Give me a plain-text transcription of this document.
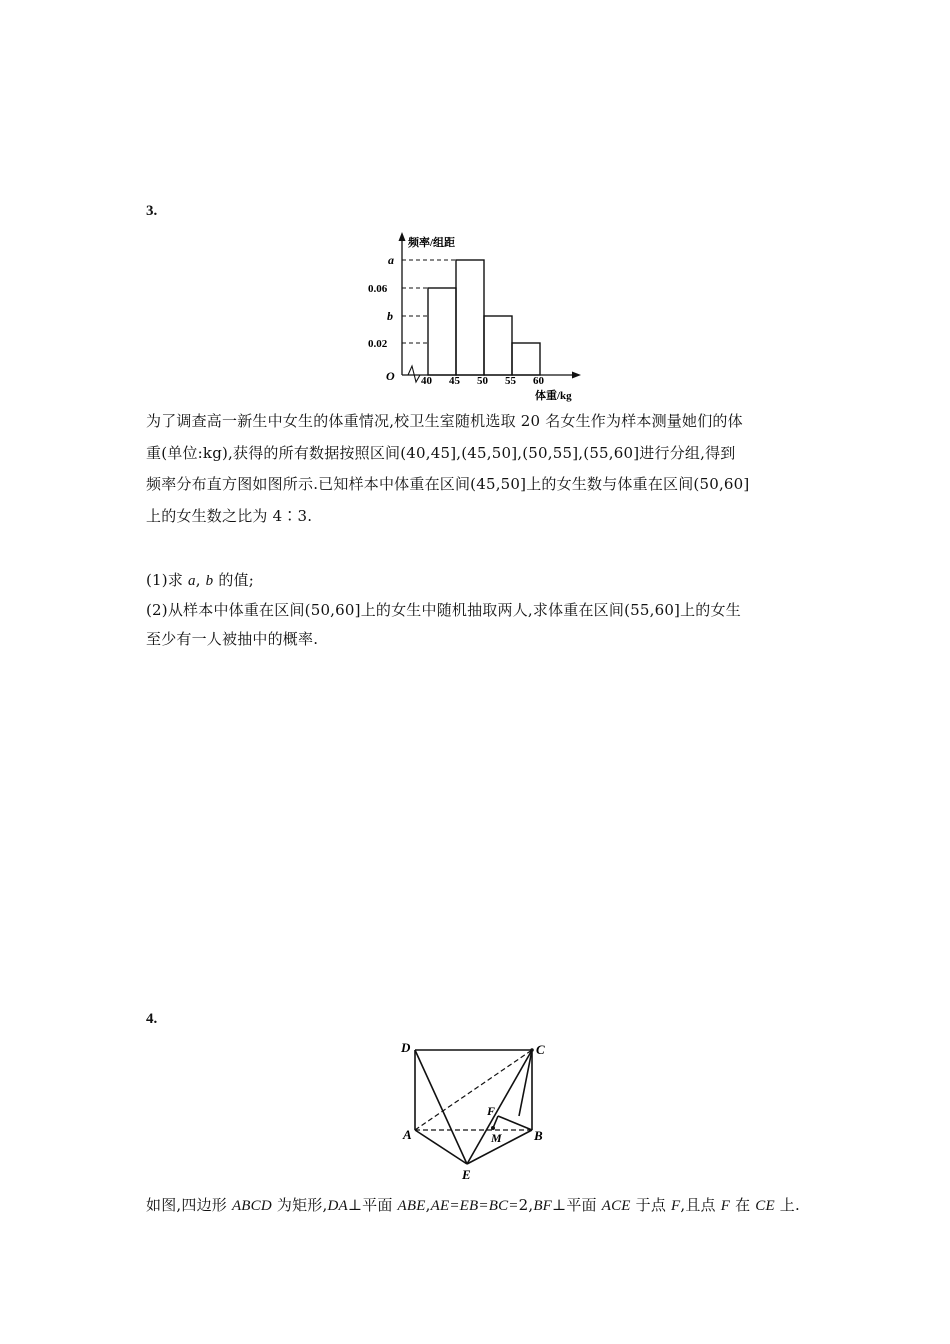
3.
频率/组距
a
0.06
b
0.02
O 40 45 50 55 60
体重/kg
为了调查高一新生中女生的体重情况,校卫生室随机选取 20 名女生作为样本测量她们的体
重(单位:kg),获得的所有数据按照区间(40,45],(45,50],(50,55],(55,60]进行分组,得到
频率分布直方图如图所示.已知样本中体重在区间(45,50]上的女生数与体重在区间(50,60]
上的女生数之比为 4∶3.
(1)求 a, b 的值;
(2)从样本中体重在区间(50,60]上的女生中随机抽取两人,求体重在区间(55,60]上的女生
至少有一人被抽中的概率.
4.
D	C
F
A	M B
E
如图,四边形 ABCD 为矩形,DA⊥平面 ABE,AE=EB=BC=2,BF⊥平面 ACE 于点 F,且点 F 在 CE 上.
